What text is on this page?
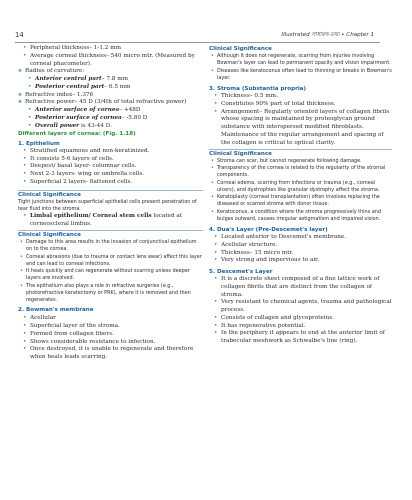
14	Illustrated সাধারণ-তথ্য • Chapter 1
• Peripheral thickness– 1-1.2 mm
• Average corneal thickness– 540 micro mtr. (Measured by corneal phacometer).
❖ Radius of curvature:
• Anterior central part– 7.8 mm
• Posterior central part– 6.5 mm
❖ Refractive index– 1.376
❖ Refractive power– 45 D (3/4th of total refractive power)
• Anterior surface of cornea– +48D
• Posterior surface of cornea– -5.80 D
• Overall power is 43-44 D.
Different layers of cornea: (Fig. 1.18)
1. Epithelium
• Stratified squamous and non-keratinized.
• It consists 5-6 layers of cells.
• Deepest/ basal layer- columnar cells.
• Next 2-3 layers- wing or umbrella cells.
• Superficial 2 layers- flattened cells.
Clinical Significance
Tight junctions between superficial epithelial cells present penetration of tear fluid into the stroma.
• Limbal epithelium/ Corneal stem cells located at corneoscleral limbus.
Clinical Significance
• Damage to this area results in the invasion of conjunctival epithelium on to the cornea.
• Corneal abrasions (due to trauma or contact lens wear) affect this layer and can lead to corneal infections.
• It heals quickly and can regenerate without scarring unless deeper layers are involved.
• The epithelium also plays a role in refractive surgeries (e.g., photorefractive keratectomy or PRK), where it is removed and then regenerates.
2. Bowman's membrane
• Acellular
• Superficial layer of the stroma.
• Formed from collagen fibers.
• Shows considerable resistance to infection.
• Once destroyed, it is unable to regenerate and therefore when heals leads scarring.
Clinical Significance
• Although it does not regenerate, scarring from injuries involving Bowman's layer can lead to permanent opacity and vision impairment.
• Diseases like keratoconus often lead to thinning or breaks in Bowman's layer.
3. Stroma (Substantia propria)
• Thickness– 0.5 mm.
• Constitutes 90% part of total thickness.
• Arrangement– Regularly oriented layers of collagen fibrils whose spacing is maintained by proteoglycan ground substance with interspersed modified fibroblasts. Maintenance of the regular arrangement and spacing of the collagen is critical to optical clarity.
Clinical Significance
• Stroma can scar, but cannot regenerate following damage.
• Transparency of the cornea is related to the regularity of the stromal components.
• Corneal edema, scarring from infections or trauma (e.g., corneal ulcers), and dystrophies like granular dystrophy affect the stroma.
• Keratoplasty (corneal transplantation) often involves replacing the diseased or scarred stroma with donor tissue.
• Keratoconus, a condition where the stroma progressively thins and bulges outward, causes irregular astigmatism and impaired vision.
4. Dua's Layer (Pre-Descemet's layer)
• Located anterior to Descemet's membrane.
• Acellular structure.
• Thickness– 15 micro mtr.
• Very strong and impervious to air.
5. Descemet's Layer
• It is a discrete sheet composed of a fine lattice work of collagen fibrils that are distinct from the collagen of stroma.
• Very resistant to chemical agents, trauma and pathological process.
• Consists of collagen and glycoproteins.
• It has regenerative potential.
• In the periphery it appears to end at the anterior limit of trabecular meshwork as Schwalbe's line (ring).
